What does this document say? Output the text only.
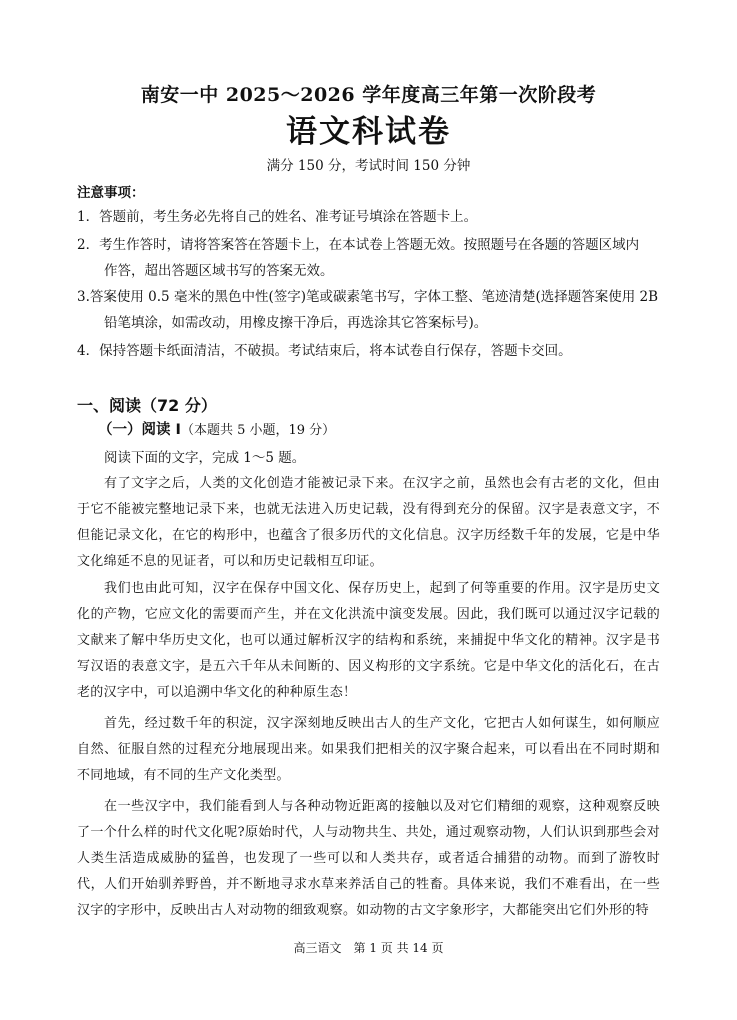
南安一中 2025～2026 学年度高三年第一次阶段考
语文科试卷
满分 150 分，考试时间 150 分钟
注意事项：
1．答题前，考生务必先将自己的姓名、准考证号填涂在答题卡上。
2．考生作答时，请将答案答在答题卡上，在本试卷上答题无效。按照题号在各题的答题区域内
作答，超出答题区域书写的答案无效。
3.答案使用 0.5 毫米的黑色中性(签字)笔或碳素笔书写，字体工整、笔迹清楚(选择题答案使用 2B
铅笔填涂，如需改动，用橡皮擦干净后，再选涂其它答案标号)。
4．保持答题卡纸面清洁，不破损。考试结束后，将本试卷自行保存，答题卡交回。
一、阅读（72 分）
（一）阅读 I（本题共 5 小题，19 分）
阅读下面的文字，完成 1～5 题。
有了文字之后，人类的文化创造才能被记录下来。在汉字之前，虽然也会有古老的文化，但由于它不能被完整地记录下来，也就无法进入历史记载，没有得到充分的保留。汉字是表意文字，不但能记录文化，在它的构形中，也蕴含了很多历代的文化信息。汉字历经数千年的发展，它是中华文化绵延不息的见证者，可以和历史记载相互印证。
我们也由此可知，汉字在保存中国文化、保存历史上，起到了何等重要的作用。汉字是历史文化的产物，它应文化的需要而产生，并在文化洪流中演变发展。因此，我们既可以通过汉字记载的文献来了解中华历史文化，也可以通过解析汉字的结构和系统，来捕捉中华文化的精神。汉字是书写汉语的表意文字，是五六千年从未间断的、因义构形的文字系统。它是中华文化的活化石，在古老的汉字中，可以追溯中华文化的种种原生态！
首先，经过数千年的积淀，汉字深刻地反映出古人的生产文化，它把古人如何谋生，如何顺应自然、征服自然的过程充分地展现出来。如果我们把相关的汉字聚合起来，可以看出在不同时期和不同地域，有不同的生产文化类型。
在一些汉字中，我们能看到人与各种动物近距离的接触以及对它们精细的观察，这种观察反映了一个什么样的时代文化呢?原始时代，人与动物共生、共处，通过观察动物，人们认识到那些会对人类生活造成威胁的猛兽，也发现了一些可以和人类共存，或者适合捕猎的动物。而到了游牧时代，人们开始驯养野兽，并不断地寻求水草来养活自己的牲畜。具体来说，我们不难看出，在一些汉字的字形中，反映出古人对动物的细致观察。如动物的古文字象形字，大都能突出它们外形的特
高三语文　第 1 页 共 14 页
